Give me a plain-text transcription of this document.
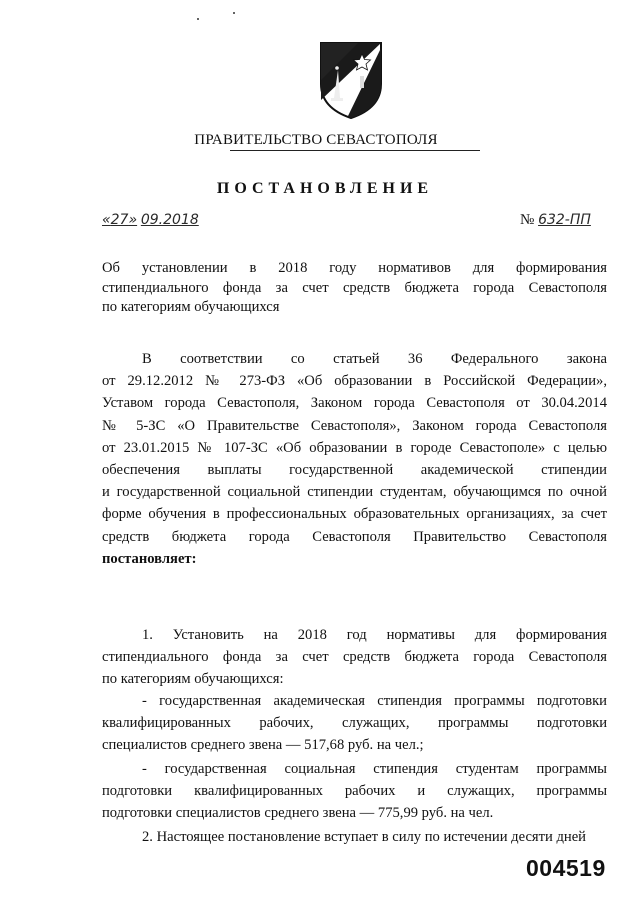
ПРАВИТЕЛЬСТВО СЕВАСТОПОЛЯ
ПОСТАНОВЛЕНИЕ
«27» 09.2018	№ 632-ПП
Об установлении в 2018 году нормативов для формирования
стипендиального фонда за счет средств бюджета города Севастополя
по категориям обучающихся
В соответствии со статьей 36 Федерального закона
от 29.12.2012 № 273-ФЗ «Об образовании в Российской Федерации»,
Уставом города Севастополя, Законом города Севастополя от 30.04.2014
№ 5-ЗС «О Правительстве Севастополя», Законом города Севастополя
от 23.01.2015 № 107-ЗС «Об образовании в городе Севастополе» с целью
обеспечения выплаты государственной академической стипендии
и государственной социальной стипендии студентам, обучающимся по очной
форме обучения в профессиональных образовательных организациях, за счет
средств бюджета города Севастополя Правительство Севастополя
постановляет:
1. Установить на 2018 год нормативы для формирования
стипендиального фонда за счет средств бюджета города Севастополя
по категориям обучающихся:
- государственная академическая стипендия программы подготовки
квалифицированных рабочих, служащих, программы подготовки
специалистов среднего звена — 517,68 руб. на чел.;
- государственная социальная стипендия студентам программы
подготовки квалифицированных рабочих и служащих, программы
подготовки специалистов среднего звена — 775,99 руб. на чел.
2. Настоящее постановление вступает в силу по истечении десяти дней
004519
